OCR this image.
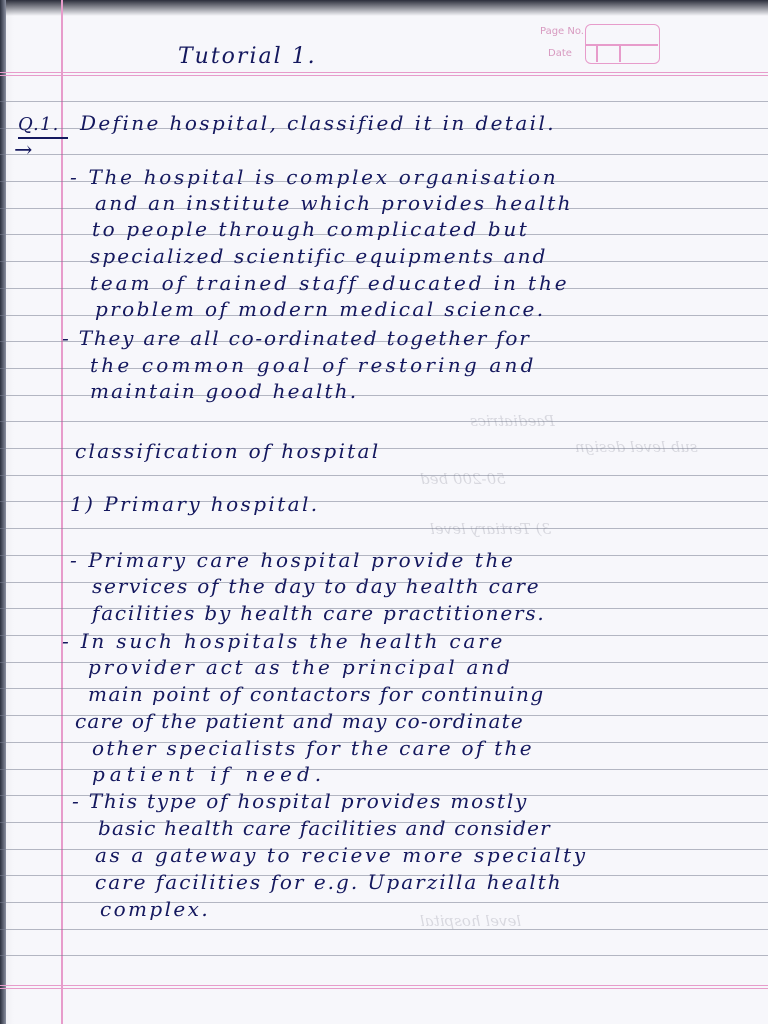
Page No.
Date
Paediatrics
sub level design
50-200 bed
3) Tertiary level
level hospital
Tutorial 1.
Q.1. Define hospital, classified it in detail.
→
- The hospital is complex organisation
and an institute which provides health
to people through complicated but
specialized scientific equipments and
team of trained staff educated in the
problem of modern medical science.
- They are all co-ordinated together for
the common goal of restoring and
maintain good health.
classification of hospital
1) Primary hospital.
- Primary care hospital provide the
services of the day to day health care
facilities by health care practitioners.
- In such hospitals the health care
provider act as the principal and
main point of contactors for continuing
care of the patient and may co-ordinate
other specialists for the care of the
patient if need.
- This type of hospital provides mostly
basic health care facilities and consider
as a gateway to recieve more specialty
care facilities for e.g. Uparzilla health
complex.
